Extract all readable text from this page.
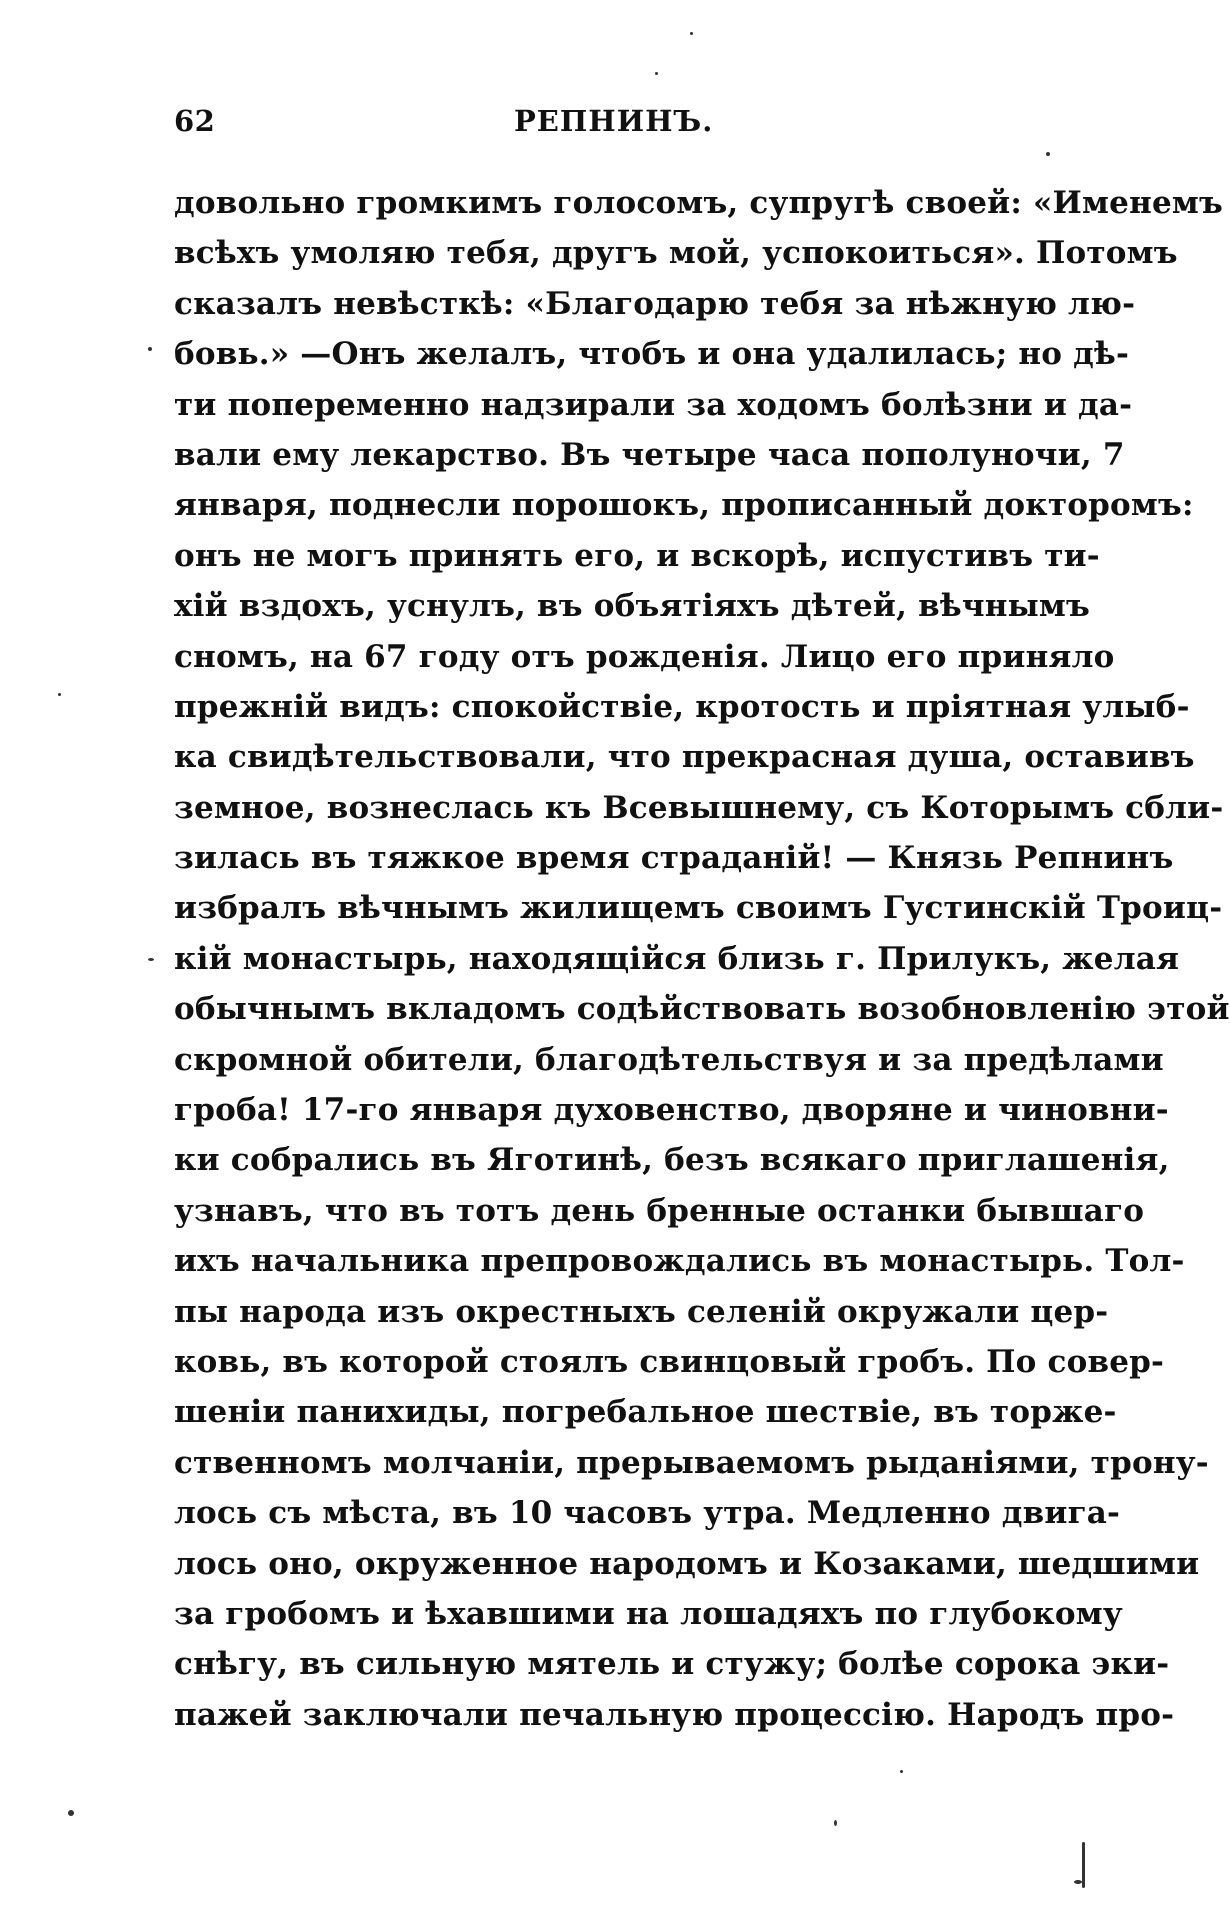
62	РЕПНИНЪ.
довольно громкимъ голосомъ, супругѣ своей: «Именемъ
всѣхъ умоляю тебя, другъ мой, успокоиться». Потомъ
сказалъ невѣсткѣ: «Благодарю тебя за нѣжную лю-
бовь.» —Онъ желалъ, чтобъ и она удалилась; но дѣ-
ти попеременно надзирали за ходомъ болѣзни и да-
вали ему лекарство. Въ четыре часа пополуночи, 7
января, поднесли порошокъ, прописанный докторомъ:
онъ не могъ принять его, и вскорѣ, испустивъ ти-
хій вздохъ, уснулъ, въ объятіяхъ дѣтей, вѣчнымъ
сномъ, на 67 году отъ рожденія. Лицо его приняло
прежній видъ: спокойствіе, кротость и пріятная улыб-
ка свидѣтельствовали, что прекрасная душа, оставивъ
земное, вознеслась къ Всевышнему, съ Которымъ сбли-
зилась въ тяжкое время страданій! — Князь Репнинъ
избралъ вѣчнымъ жилищемъ своимъ Густинскій Троиц-
кій монастырь, находящійся близь г. Прилукъ, желая
обычнымъ вкладомъ содѣйствовать возобновленію этой
скромной обители, благодѣтельствуя и за предѣлами
гроба! 17-го января духовенство, дворяне и чиновни-
ки собрались въ Яготинѣ, безъ всякаго приглашенія,
узнавъ, что въ тотъ день бренные останки бывшаго
ихъ начальника препровождались въ монастырь. Тол-
пы народа изъ окрестныхъ селеній окружали цер-
ковь, въ которой стоялъ свинцовый гробъ. По совер-
шеніи панихиды, погребальное шествіе, въ торже-
ственномъ молчаніи, прерываемомъ рыданіями, трону-
лось съ мѣста, въ 10 часовъ утра. Медленно двига-
лось оно, окруженное народомъ и Козаками, шедшими
за гробомъ и ѣхавшими на лошадяхъ по глубокому
снѣгу, въ сильную мятель и стужу; болѣе сорока эки-
пажей заключали печальную процессію. Народъ про-
